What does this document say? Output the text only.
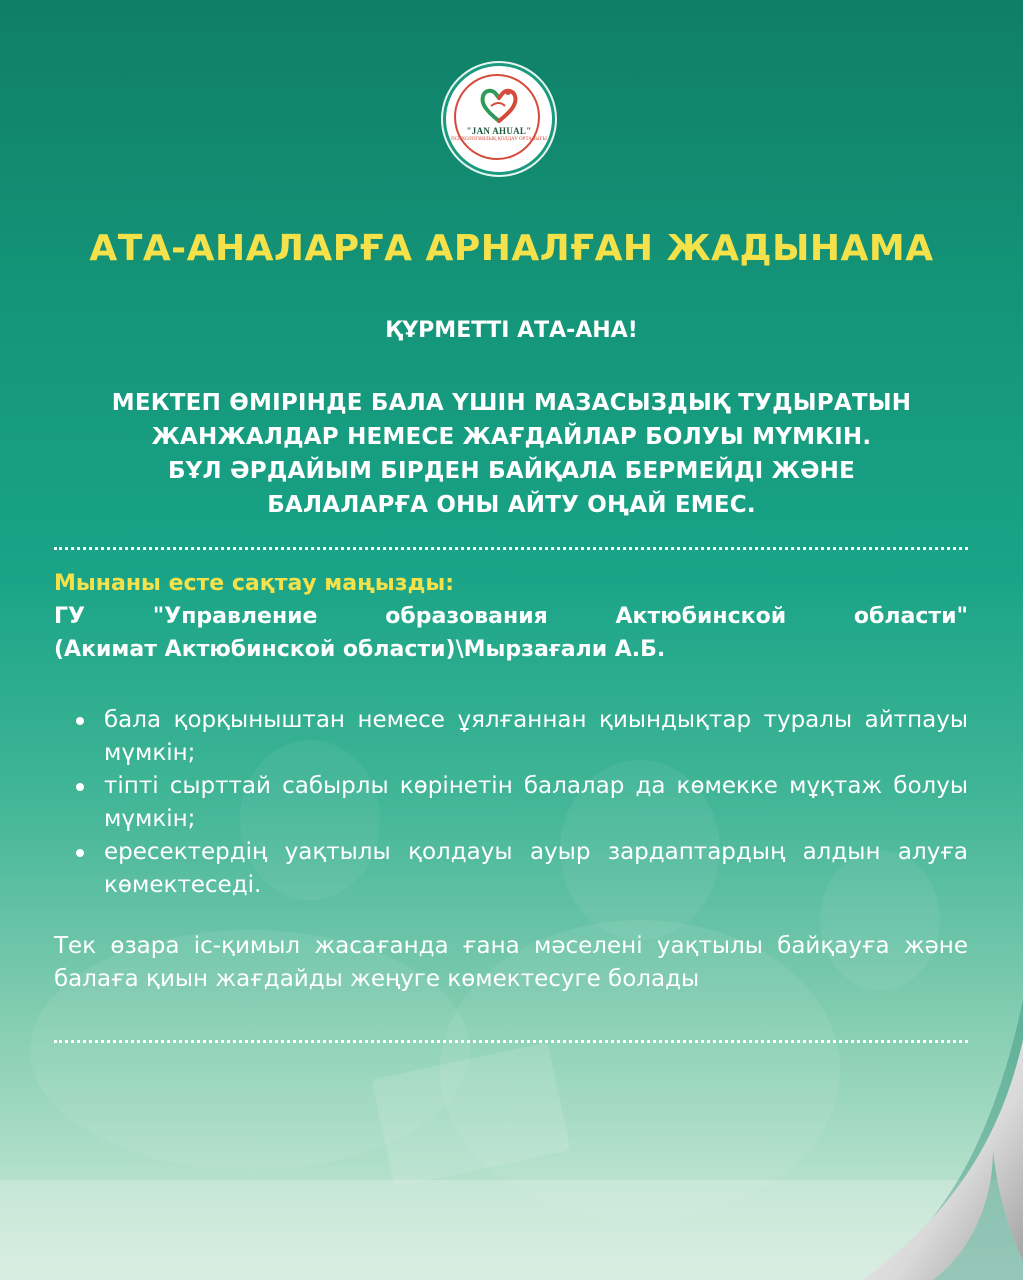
"JAN AHUAL"
ПСИХОЛОГИЯЛЫҚ ҚОЛДАУ ОРТАЛЫҒЫ
АТА-АНАЛАРҒА АРНАЛҒАН ЖАДЫНАМА
ҚҰРМЕТТІ АТА-АНА!
МЕКТЕП ӨМІРІНДЕ БАЛА ҮШІН МАЗАСЫЗДЫҚ ТУДЫРАТЫН
ЖАНЖАЛДАР НЕМЕСЕ ЖАҒДАЙЛАР БОЛУЫ МҮМКІН.
БҰЛ ӘРДАЙЫМ БІРДЕН БАЙҚАЛА БЕРМЕЙДІ ЖӘНЕ
БАЛАЛАРҒА ОНЫ АЙТУ ОҢАЙ ЕМЕС.
Мынаны есте сақтау маңызды:
ГУ "Управление образования Актюбинской области"
(Акимат Актюбинской области)\Мырзағали А.Б.
бала қорқыныштан немесе ұялғаннан қиындықтар туралы айтпауы мүмкін;
тіпті сырттай сабырлы көрінетін балалар да көмекке мұқтаж болуы мүмкін;
ересектердің уақтылы қолдауы ауыр зардаптардың алдын алуға көмектеседі.
Тек өзара іс-қимыл жасағанда ғана мәселені уақтылы байқауға және балаға қиын жағдайды жеңуге көмектесуге болады
